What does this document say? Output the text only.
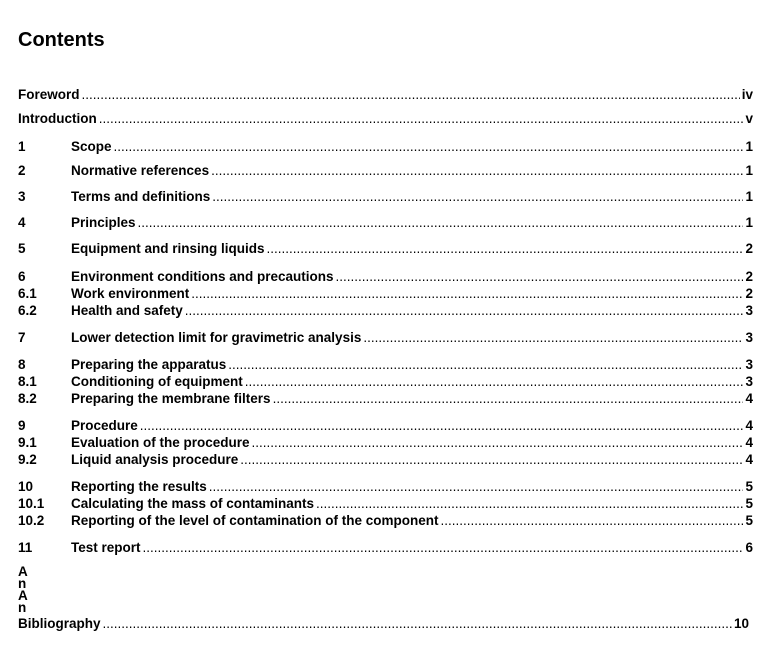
Contents
Foreword .....	iv
Introduction .....	v
1	Scope .....	1
2	Normative references .....	1
3	Terms and definitions .....	1
4	Principles .....	1
5	Equipment and rinsing liquids .....	2
6	Environment conditions and precautions .....	2
6.1	Work environment .....	2
6.2	Health and safety .....	3
7	Lower detection limit for gravimetric analysis .....	3
8	Preparing the apparatus .....	3
8.1	Conditioning of equipment .....	3
8.2	Preparing the membrane filters .....	4
9	Procedure .....	4
9.1	Evaluation of the procedure .....	4
9.2	Liquid analysis procedure .....	4
10	Reporting the results .....	5
10.1	Calculating the mass of contaminants .....	5
10.2	Reporting of the level of contamination of the component .....	5
11	Test report .....	6
A
n
A
n
Bibliography .....	10
